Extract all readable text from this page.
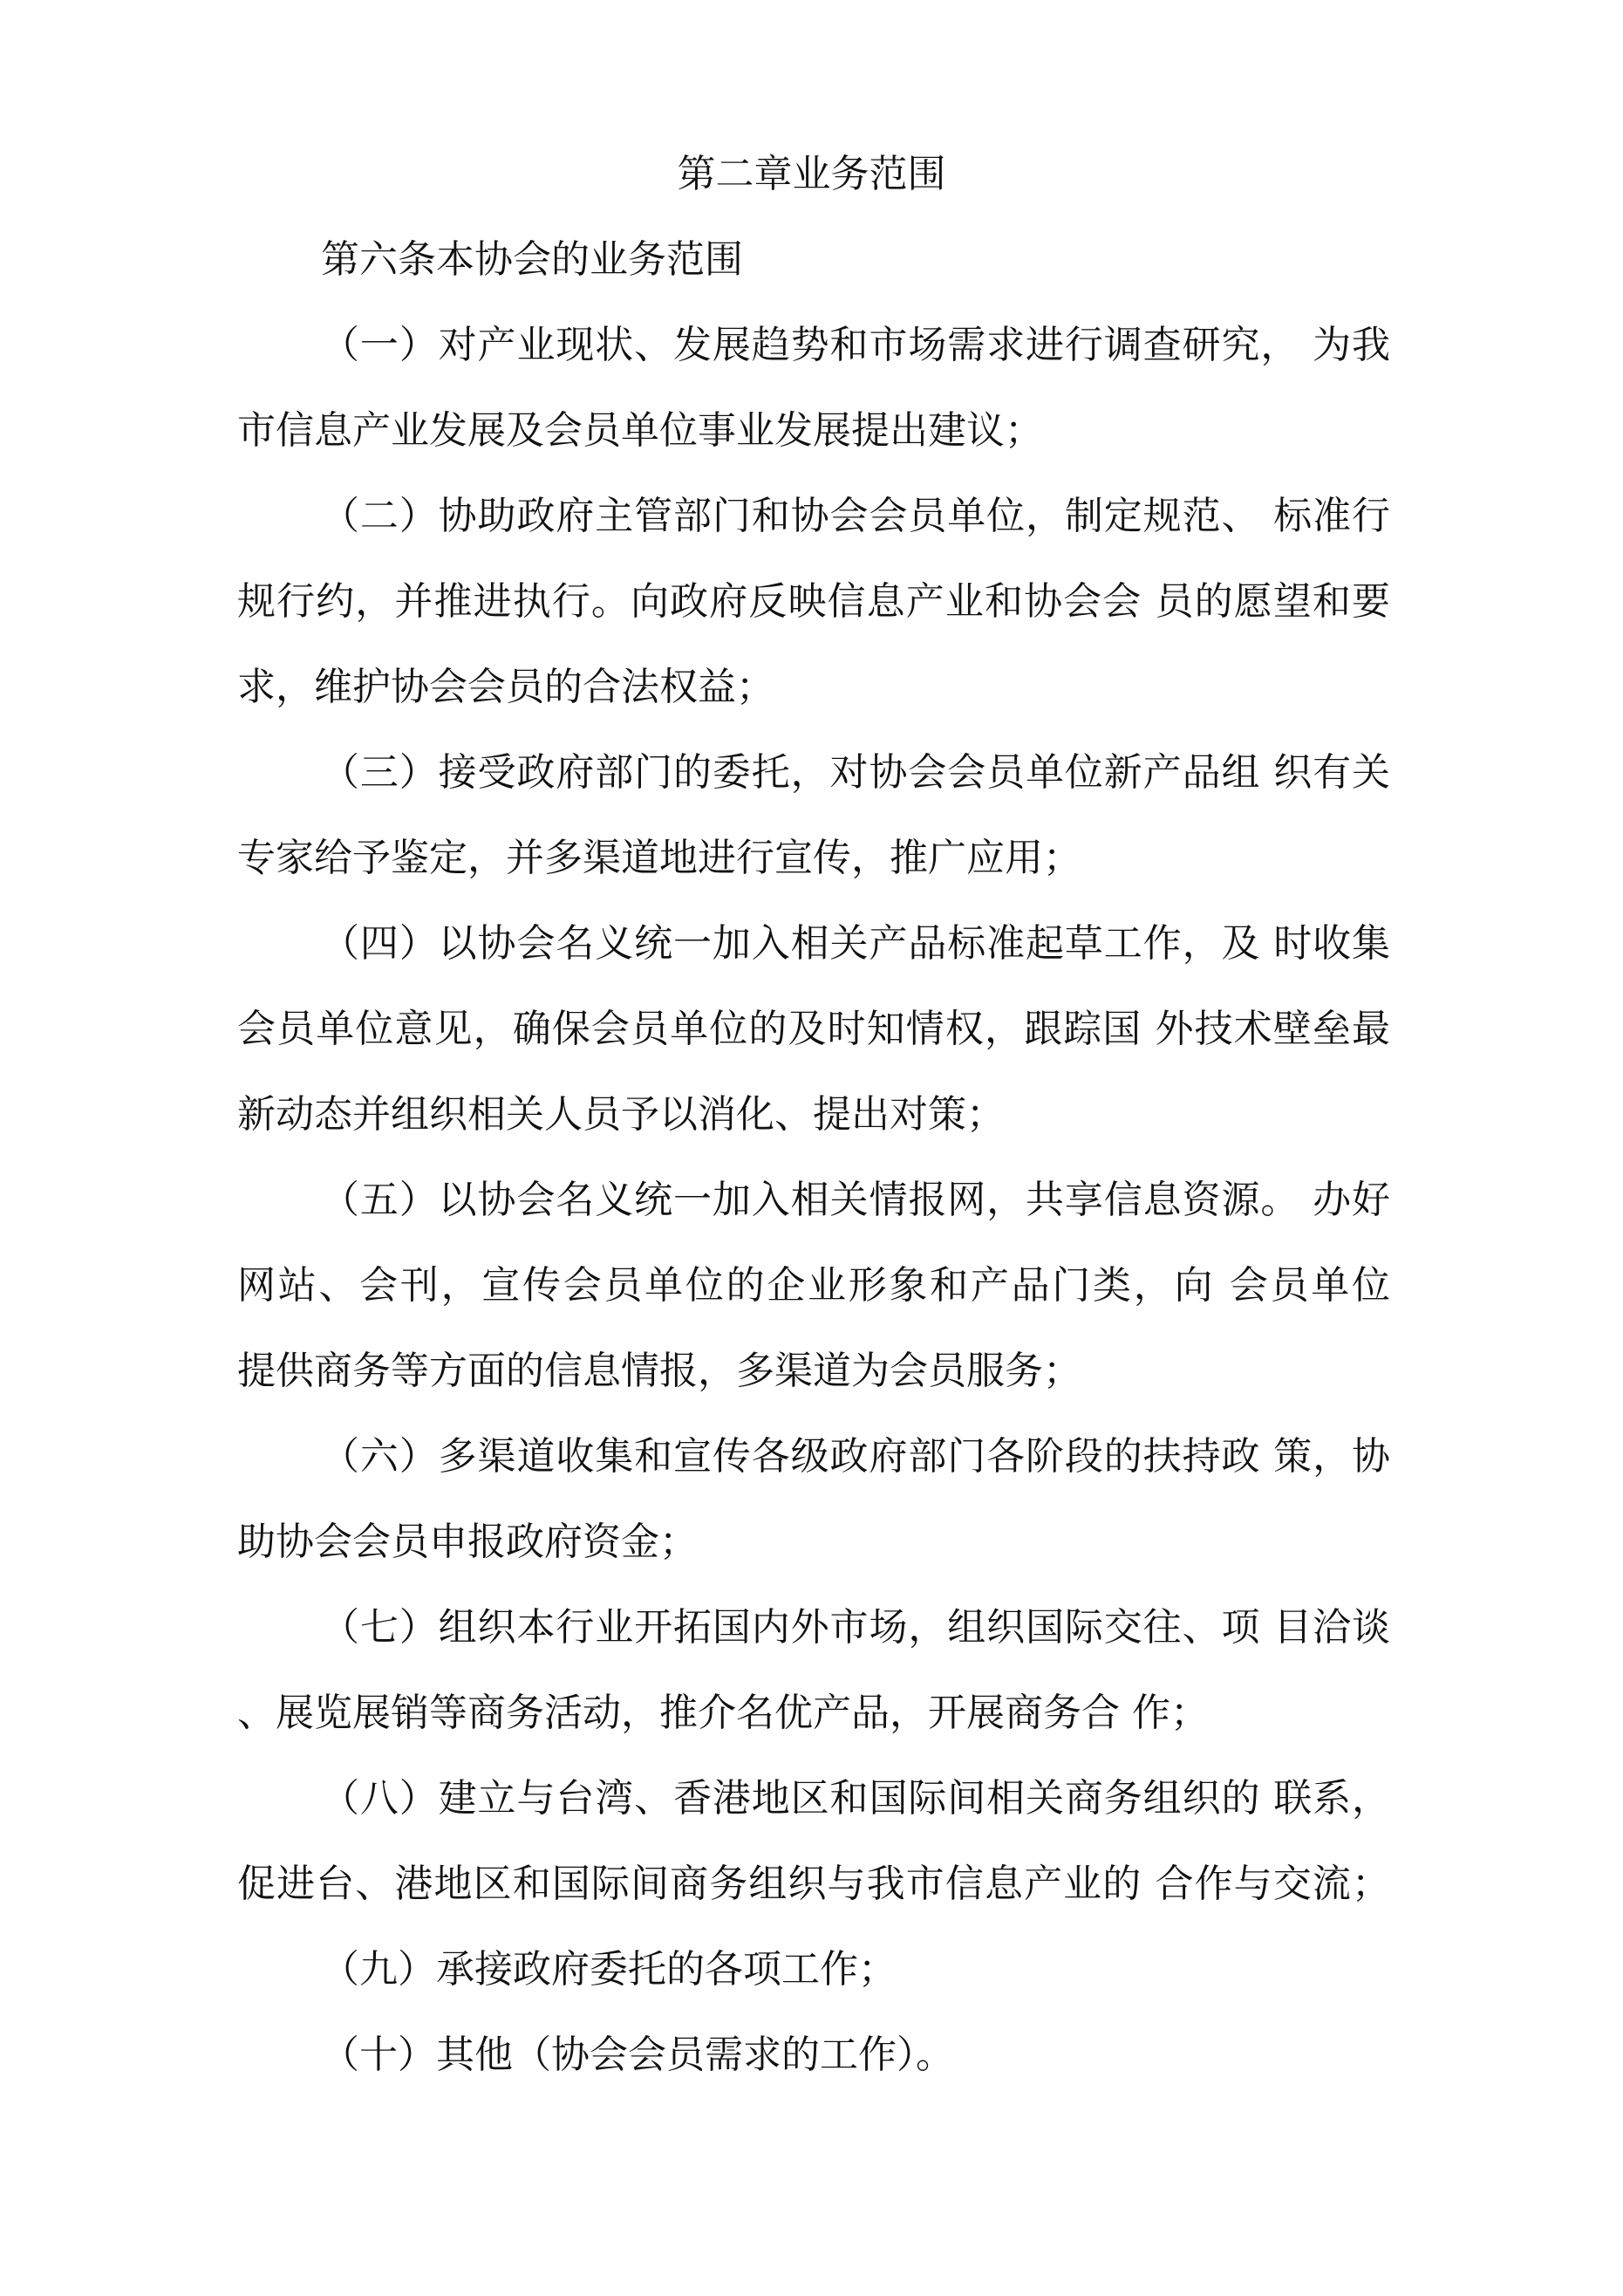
第二章业务范围
第六条本协会的业务范围
（一）对产业现状、发展趋势和市场需求进行调查研究， 为我
市信息产业发展及会员单位事业发展提出建议；
（二）协助政府主管部门和协会会员单位，制定规范、 标准行
规行约，并推进执行。向政府反映信息产业和协会会 员的愿望和要
求，维护协会会员的合法权益；
（三）接受政府部门的委托，对协会会员单位新产品组 织有关
专家给予鉴定，并多渠道地进行宣传，推广应用；
（四）以协会名义统一加入相关产品标准起草工作，及 时收集
会员单位意见，确保会员单位的及时知情权，跟踪国 外技术壁垒最
新动态并组织相关人员予以消化、提出对策；
（五）以协会名义统一加入相关情报网，共享信息资源。 办好
网站、会刊，宣传会员单位的企业形象和产品门类，向 会员单位
提供商务等方面的信息情报，多渠道为会员服务；
（六）多渠道收集和宣传各级政府部门各阶段的扶持政 策，协
助协会会员申报政府资金；
（七）组织本行业开拓国内外市场，组织国际交往、项 目洽谈
、展览展销等商务活动，推介名优产品，开展商务合 作；
（八）建立与台湾、香港地区和国际间相关商务组织的 联系，
促进台、港地区和国际间商务组织与我市信息产业的 合作与交流；
（九）承接政府委托的各项工作；
（十）其他（协会会员需求的工作）。
